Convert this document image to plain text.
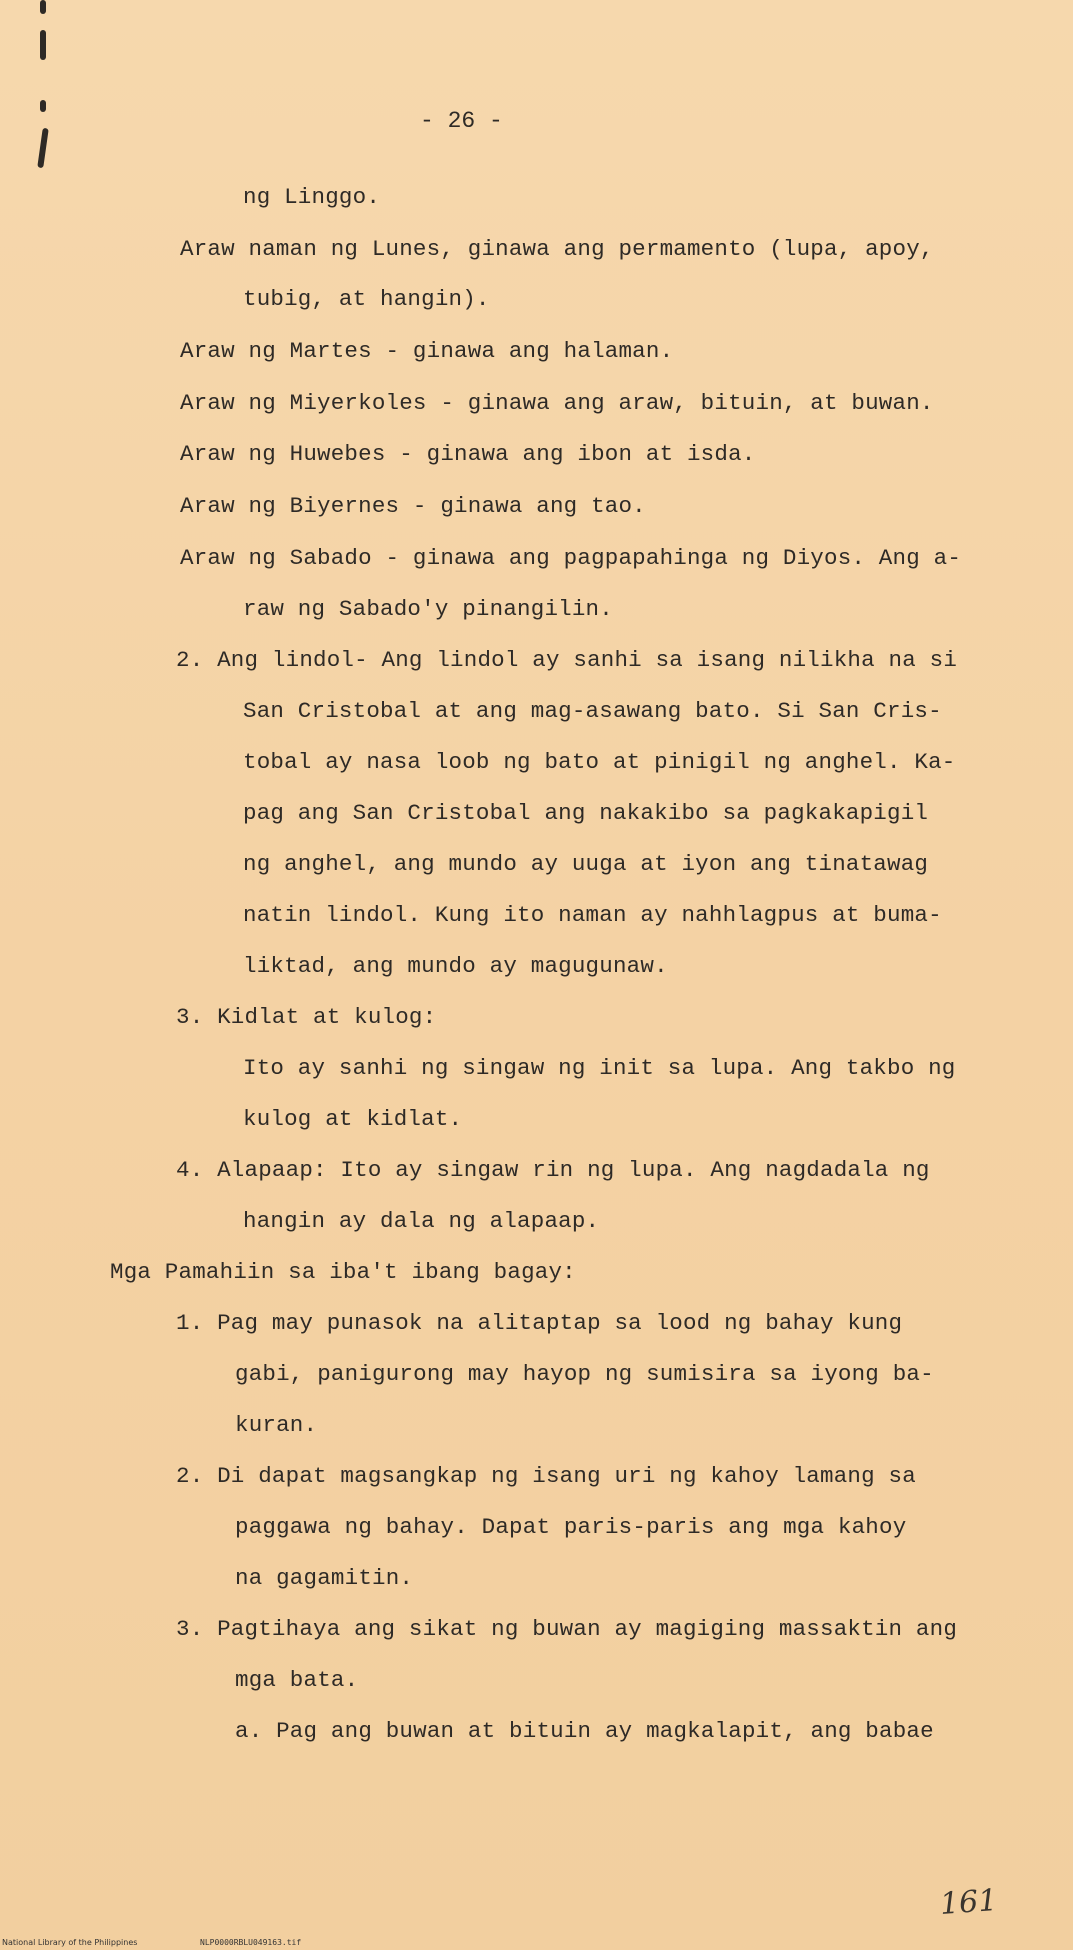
- 26 -
ng Linggo.
Araw naman ng Lunes, ginawa ang permamento (lupa, apoy,
tubig, at hangin).
Araw ng Martes - ginawa ang halaman.
Araw ng Miyerkoles - ginawa ang araw, bituin, at buwan.
Araw ng Huwebes - ginawa ang ibon at isda.
Araw ng Biyernes - ginawa ang tao.
Araw ng Sabado - ginawa ang pagpapahinga ng Diyos. Ang a-
raw ng Sabado'y pinangilin.
2. Ang lindol- Ang lindol ay sanhi sa isang nilikha na si
San Cristobal at ang mag-asawang bato. Si San Cris-
tobal ay nasa loob ng bato at pinigil ng anghel. Ka-
pag ang San Cristobal ang nakakibo sa pagkakapigil
ng anghel, ang mundo ay uuga at iyon ang tinatawag
natin lindol. Kung ito naman ay nahhlagpus at buma-
liktad, ang mundo ay magugunaw.
3. Kidlat at kulog:
Ito ay sanhi ng singaw ng init sa lupa. Ang takbo ng
kulog at kidlat.
4. Alapaap: Ito ay singaw rin ng lupa. Ang nagdadala ng
hangin ay dala ng alapaap.
Mga Pamahiin sa iba't ibang bagay:
1. Pag may punasok na alitaptap sa lood ng bahay kung
gabi, panigurong may hayop ng sumisira sa iyong ba-
kuran.
2. Di dapat magsangkap ng isang uri ng kahoy lamang sa
paggawa ng bahay. Dapat paris-paris ang mga kahoy
na gagamitin.
3. Pagtihaya ang sikat ng buwan ay magiging massaktin ang
mga bata.
a. Pag ang buwan at bituin ay magkalapit, ang babae
National Library of the Philippines	NLP0000RBLU049163.tif
161
